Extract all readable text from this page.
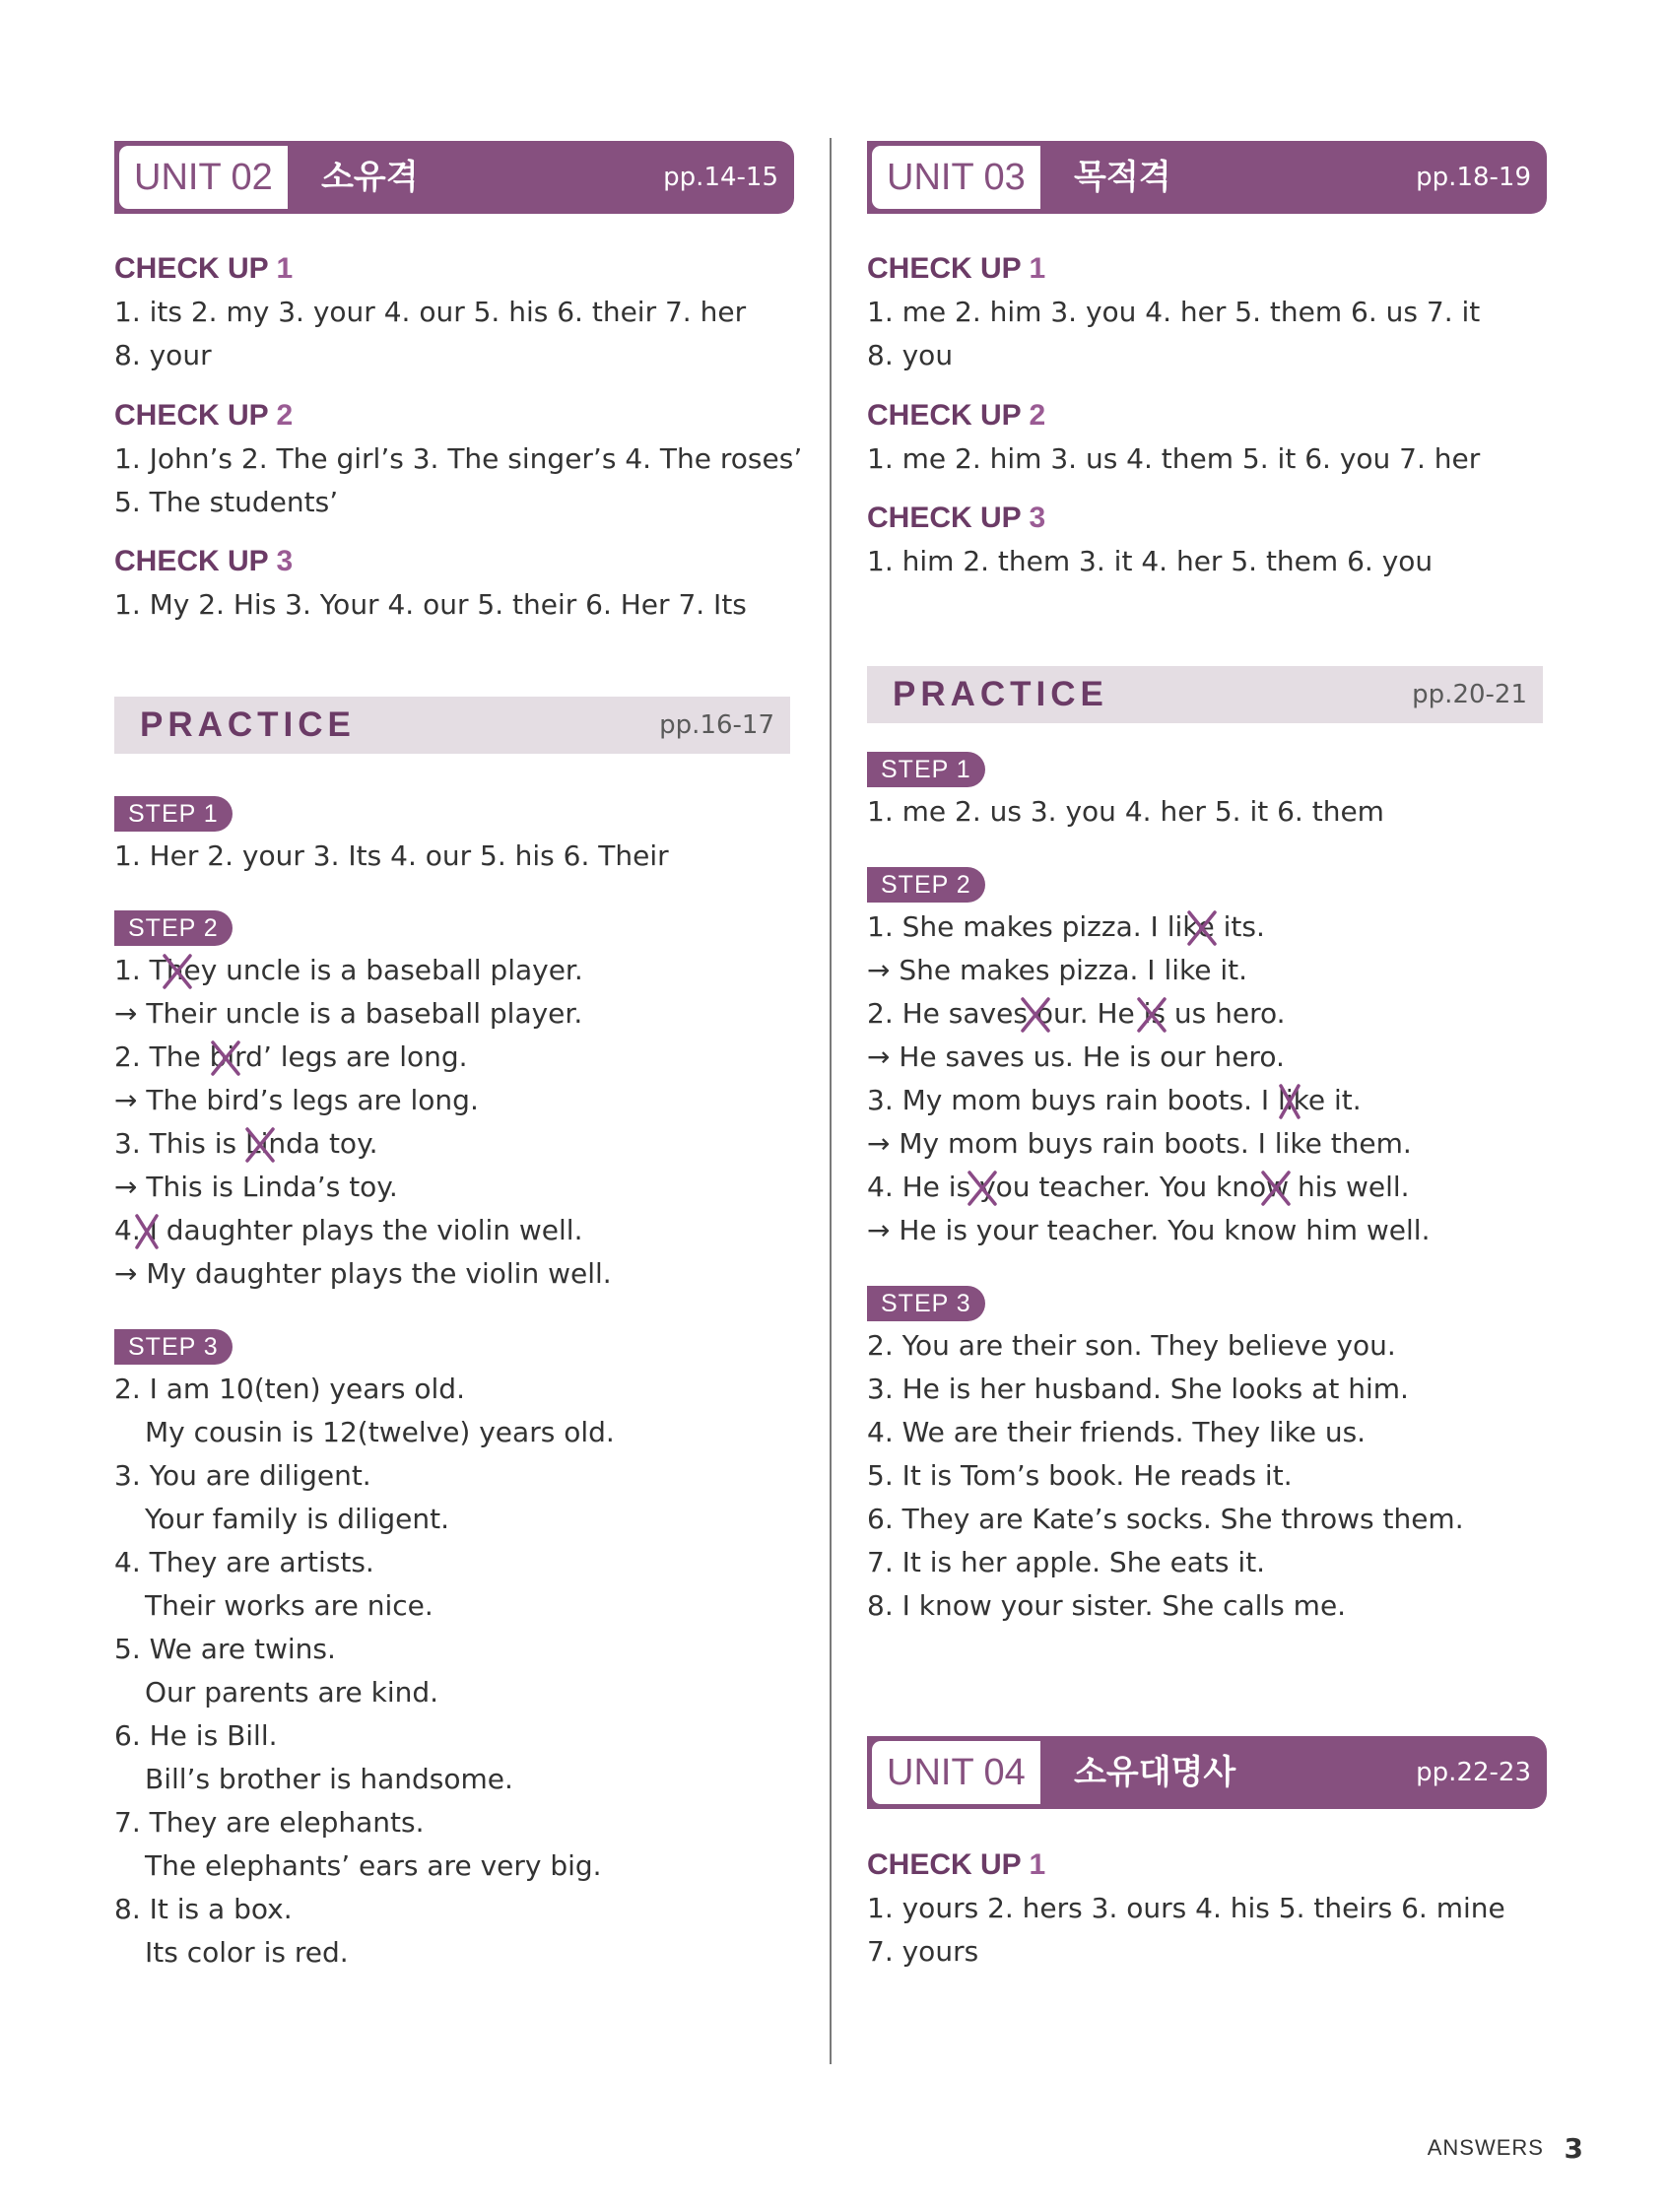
UNIT 02	소유격	pp.14-15
CHECK UP 1
1. its 2. my 3. your 4. our 5. his 6. their 7. her
8. your
CHECK UP 2
1. John’s 2. The girl’s 3. The singer’s 4. The roses’
5. The students’
CHECK UP 3
1. My 2. His 3. Your 4. our 5. their 6. Her 7. Its
PRACTICE	pp.16-17
STEP 1
1. Her 2. your 3. Its 4. our 5. his 6. Their
STEP 2
1. They uncle is a baseball player.
→ Their uncle is a baseball player.
2. The bird’ legs are long.
→ The bird’s legs are long.
3. This is Linda toy.
→ This is Linda’s toy.
4. I daughter plays the violin well.
→ My daughter plays the violin well.
STEP 3
2. I am 10(ten) years old.
My cousin is 12(twelve) years old.
3. You are diligent.
Your family is diligent.
4. They are artists.
Their works are nice.
5. We are twins.
Our parents are kind.
6. He is Bill.
Bill’s brother is handsome.
7. They are elephants.
The elephants’ ears are very big.
8. It is a box.
Its color is red.
UNIT 03	목적격	pp.18-19
CHECK UP 1
1. me 2. him 3. you 4. her 5. them 6. us 7. it
8. you
CHECK UP 2
1. me 2. him 3. us 4. them 5. it 6. you 7. her
CHECK UP 3
1. him 2. them 3. it 4. her 5. them 6. you
PRACTICE	pp.20-21
STEP 1
1. me 2. us 3. you 4. her 5. it 6. them
STEP 2
1. She makes pizza. I like its.
→ She makes pizza. I like it.
2. He saves our. He is us hero.
→ He saves us. He is our hero.
3. My mom buys rain boots. I like it.
→ My mom buys rain boots. I like them.
4. He is you teacher. You know his well.
→ He is your teacher. You know him well.
STEP 3
2. You are their son. They believe you.
3. He is her husband. She looks at him.
4. We are their friends. They like us.
5. It is Tom’s book. He reads it.
6. They are Kate’s socks. She throws them.
7. It is her apple. She eats it.
8. I know your sister. She calls me.
UNIT 04	소유대명사	pp.22-23
CHECK UP 1
1. yours 2. hers 3. ours 4. his 5. theirs 6. mine
7. yours
ANSWERS 3
